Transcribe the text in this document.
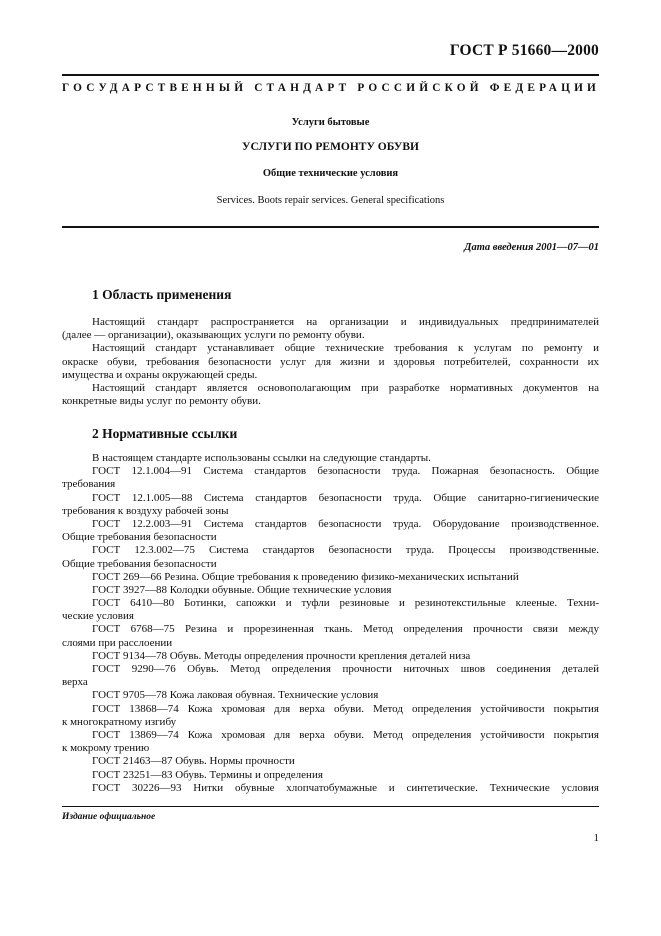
ГОСТ Р 51660—2000
ГОСУДАРСТВЕННЫЙ СТАНДАРТ РОССИЙСКОЙ ФЕДЕРАЦИИ
Услуги бытовые
УСЛУГИ ПО РЕМОНТУ ОБУВИ
Общие технические условия
Services. Boots repair services. General specifications
Дата введения 2001—07—01
1 Область применения
Настоящий стандарт распространяется на организации и индивидуальных предпринимателей
(далее — организации), оказывающих услуги по ремонту обуви.
Настоящий стандарт устанавливает общие технические требования к услугам по ремонту и
окраске обуви, требования безопасности услуг для жизни и здоровья потребителей, сохранности их
имущества и охраны окружающей среды.
Настоящий стандарт является основополагающим при разработке нормативных документов на
конкретные виды услуг по ремонту обуви.
2 Нормативные ссылки
В настоящем стандарте использованы ссылки на следующие стандарты.
ГОСТ 12.1.004—91 Система стандартов безопасности труда. Пожарная безопасность. Общие
требования
ГОСТ 12.1.005—88 Система стандартов безопасности труда. Общие санитарно-гигиенические
требования к воздуху рабочей зоны
ГОСТ 12.2.003—91 Система стандартов безопасности труда. Оборудование производственное.
Общие требования безопасности
ГОСТ 12.3.002—75 Система стандартов безопасности труда. Процессы производственные.
Общие требования безопасности
ГОСТ 269—66 Резина. Общие требования к проведению физико-механических испытаний
ГОСТ 3927—88 Колодки обувные. Общие технические условия
ГОСТ 6410—80 Ботинки, сапожки и туфли резиновые и резинотекстильные клееные. Техни-
ческие условия
ГОСТ 6768—75 Резина и прорезиненная ткань. Метод определения прочности связи между
слоями при расслоении
ГОСТ 9134—78 Обувь. Методы определения прочности крепления деталей низа
ГОСТ 9290—76 Обувь. Метод определения прочности ниточных швов соединения деталей
верха
ГОСТ 9705—78 Кожа лаковая обувная. Технические условия
ГОСТ 13868—74 Кожа хромовая для верха обуви. Метод определения устойчивости покрытия
к многократному изгибу
ГОСТ 13869—74 Кожа хромовая для верха обуви. Метод определения устойчивости покрытия
к мокрому трению
ГОСТ 21463—87 Обувь. Нормы прочности
ГОСТ 23251—83 Обувь. Термины и определения
ГОСТ 30226—93 Нитки обувные хлопчатобумажные и синтетические. Технические условия
Издание официальное
1
